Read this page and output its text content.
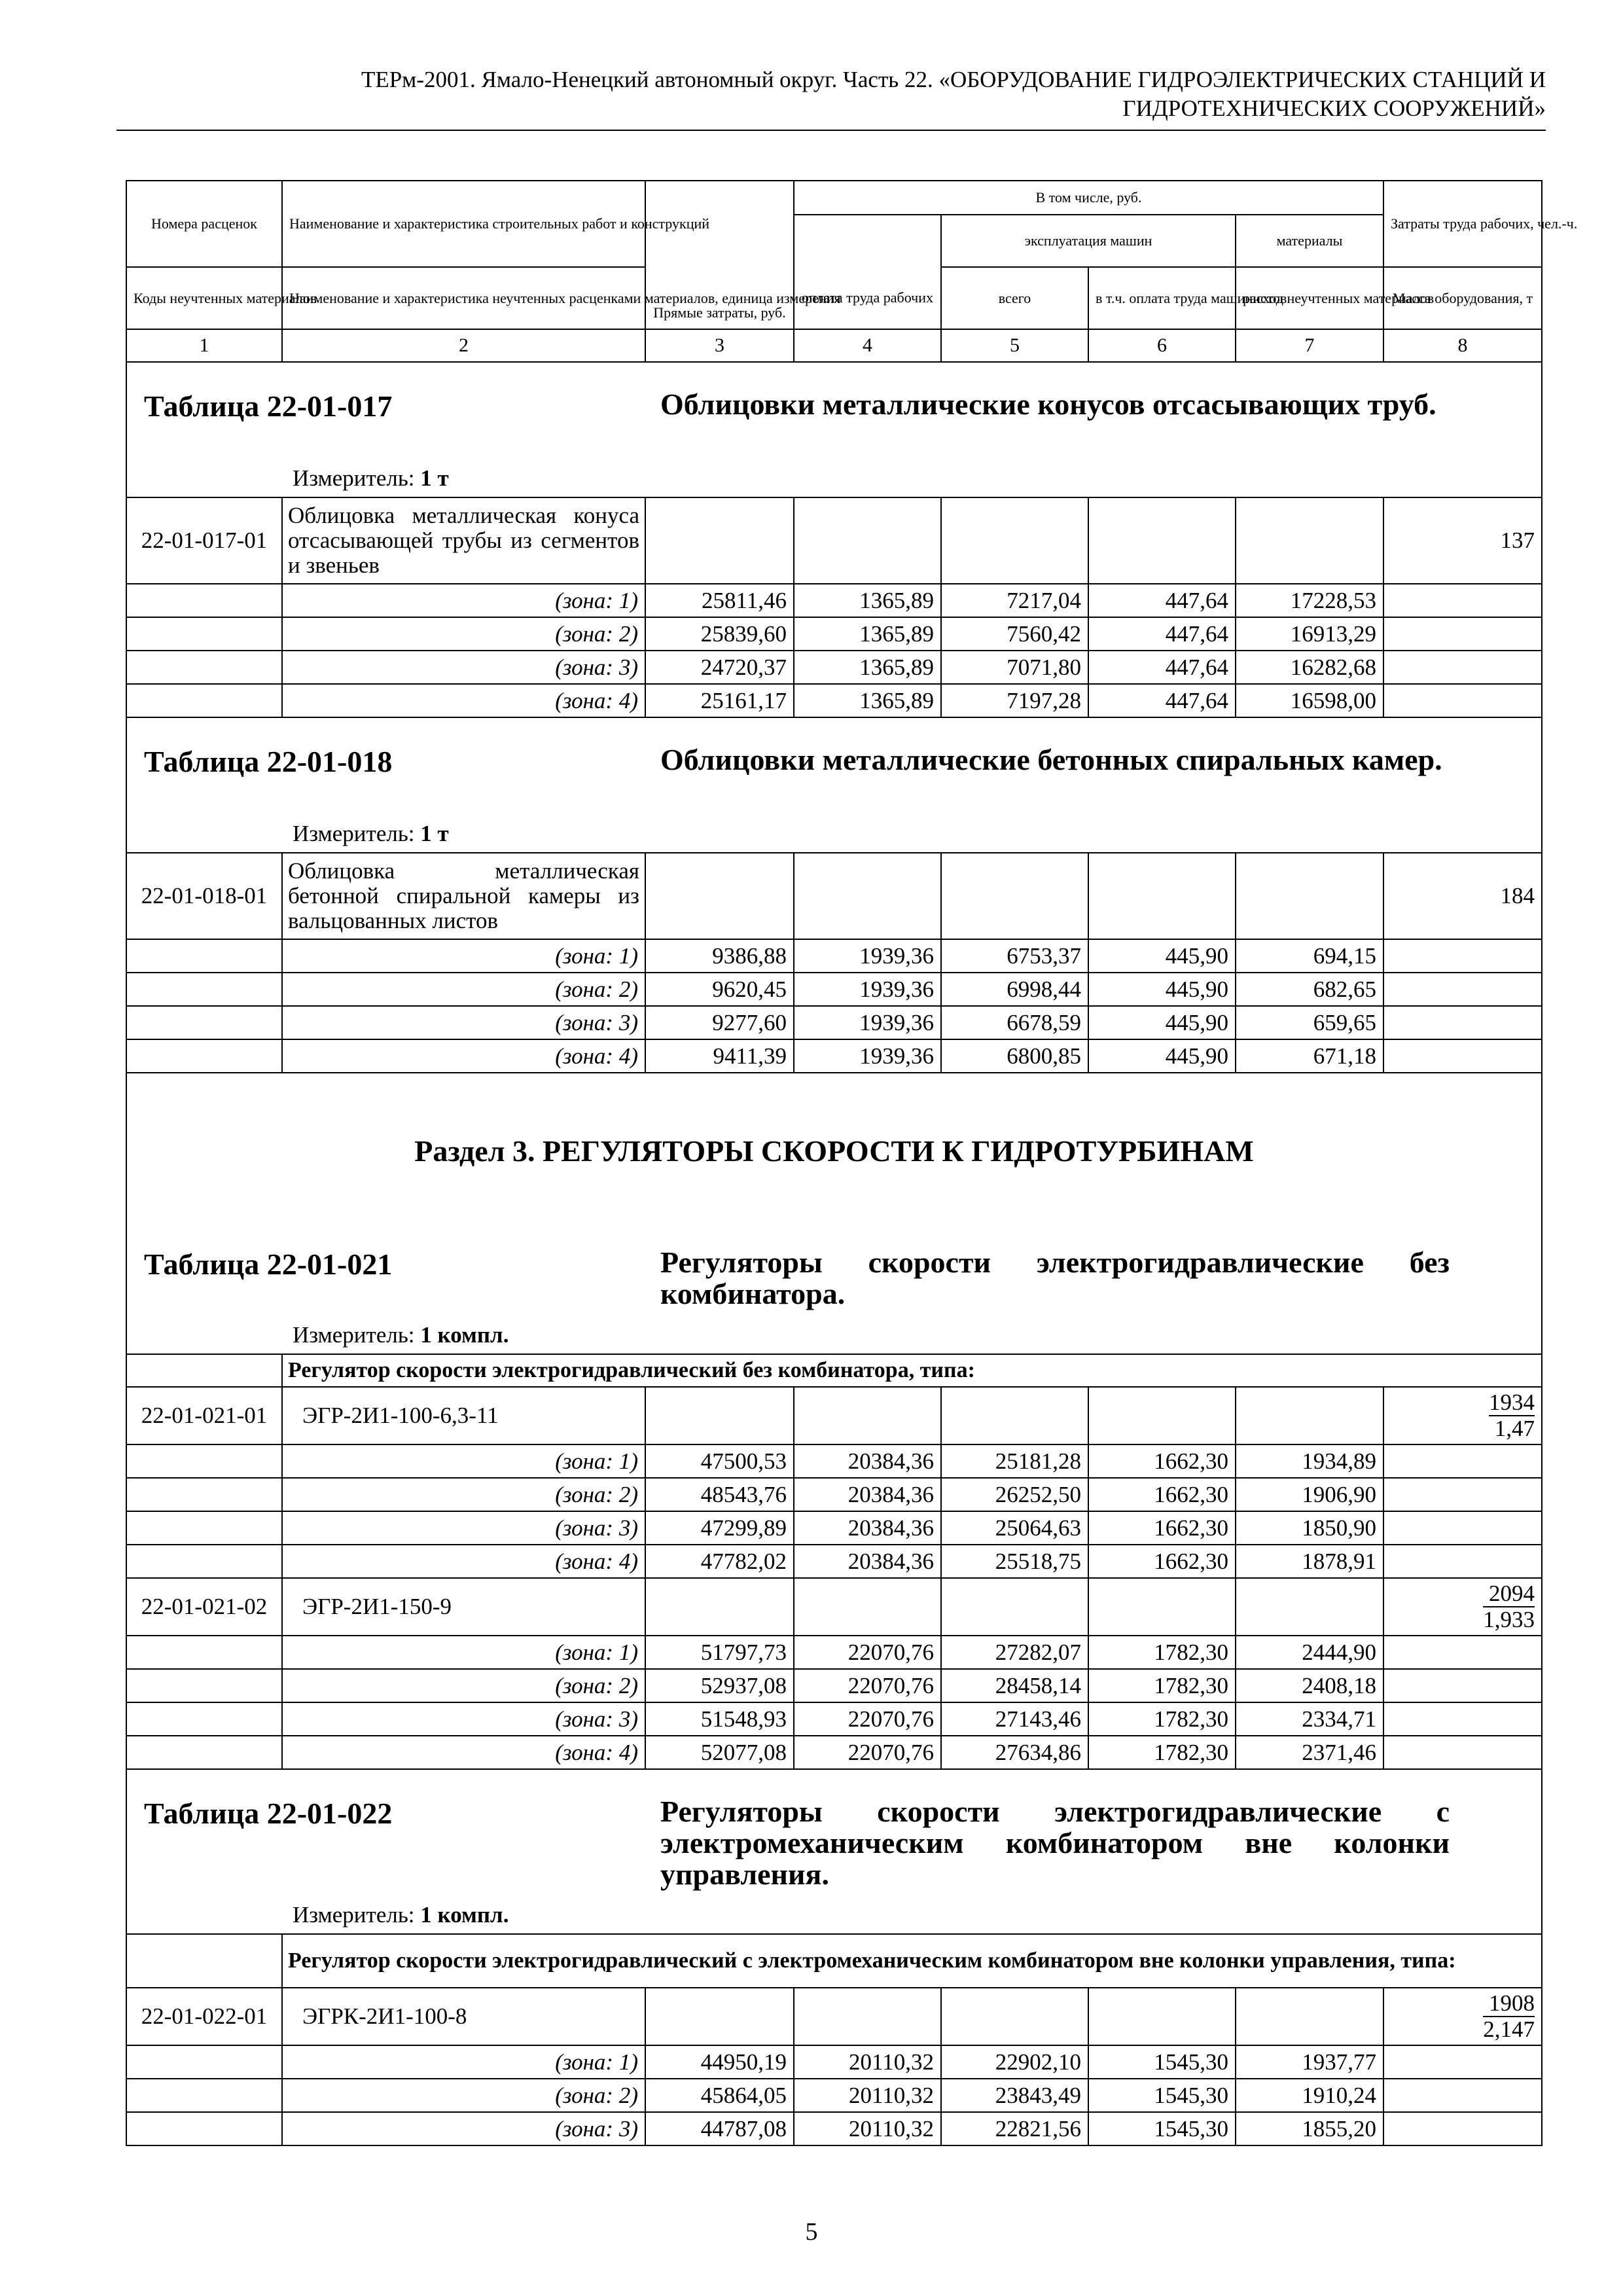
ТЕРм-2001. Ямало-Ненецкий автономный округ. Часть 22. «ОБОРУДОВАНИЕ ГИДРОЭЛЕКТРИЧЕСКИХ СТАНЦИЙ И
ГИДРОТЕХНИЧЕСКИХ СООРУЖЕНИЙ»
Номера расценок	Наименование и характеристика строительных работ и конструкций	Прямые затраты, руб.	В том числе, руб.				Затраты труда рабочих, чел.-ч.
				эксплуатация машин		материалы	
Коды неучтенных материалов	Наименование и характеристика неучтенных расценками материалов, единица измерения		оплата труда рабочих	всего	в т.ч. оплата труда машинистов	расход неучтенных материалов	Масса оборудования, т
1	2	3	4	5	6	7	8

Таблица 22-01-017 Облицовки металлические конусов отсасывающих труб.
Измеритель: 1 т							

22-01-017-01	Облицовка металлическая конуса отсасывающей трубы из сегментов и звеньев						137
	(зона: 1)	25811,46	1365,89	7217,04	447,64	17228,53	
	(зона: 2)	25839,60	1365,89	7560,42	447,64	16913,29	
	(зона: 3)	24720,37	1365,89	7071,80	447,64	16282,68	
	(зона: 4)	25161,17	1365,89	7197,28	447,64	16598,00	

Таблица 22-01-018 Облицовки металлические бетонных спиральных камер.
Измеритель: 1 т							

22-01-018-01	Облицовка металлическая бетонной спиральной камеры из вальцованных листов						184
	(зона: 1)	9386,88	1939,36	6753,37	445,90	694,15	
	(зона: 2)	9620,45	1939,36	6998,44	445,90	682,65	
	(зона: 3)	9277,60	1939,36	6678,59	445,90	659,65	
	(зона: 4)	9411,39	1939,36	6800,85	445,90	671,18	

Раздел 3. РЕГУЛЯТОРЫ СКОРОСТИ К ГИДРОТУРБИНАМ
Таблица 22-01-021 Регуляторы скорости электрогидравлические без комбинатора.
Измеритель: 1 компл.							

	Регулятор скорости электрогидравлический без комбинатора, типа:						
22-01-021-01	ЭГР-2И1-100-6,3-11						$\frac{1934}{1,47}$
	(зона: 1)	47500,53	20384,36	25181,28	1662,30	1934,89	
	(зона: 2)	48543,76	20384,36	26252,50	1662,30	1906,90	
	(зона: 3)	47299,89	20384,36	25064,63	1662,30	1850,90	
	(зона: 4)	47782,02	20384,36	25518,75	1662,30	1878,91	
22-01-021-02	ЭГР-2И1-150-9						$\frac{2094}{1,933}$
	(зона: 1)	51797,73	22070,76	27282,07	1782,30	2444,90	
	(зона: 2)	52937,08	22070,76	28458,14	1782,30	2408,18	
	(зона: 3)	51548,93	22070,76	27143,46	1782,30	2334,71	
	(зона: 4)	52077,08	22070,76	27634,86	1782,30	2371,46	

Таблица 22-01-022 Регуляторы скорости электрогидравлические с электромеханическим комбинатором вне колонки управления.
Измеритель: 1 компл.							

	Регулятор скорости электрогидравлический с электромеханическим комбинатором вне колонки управления, типа:						
22-01-022-01	ЭГРК-2И1-100-8						$\frac{1908}{2,147}$
	(зона: 1)	44950,19	20110,32	22902,10	1545,30	1937,77	
	(зона: 2)	45864,05	20110,32	23843,49	1545,30	1910,24	
	(зона: 3)	44787,08	20110,32	22821,56	1545,30	1855,20	
5
